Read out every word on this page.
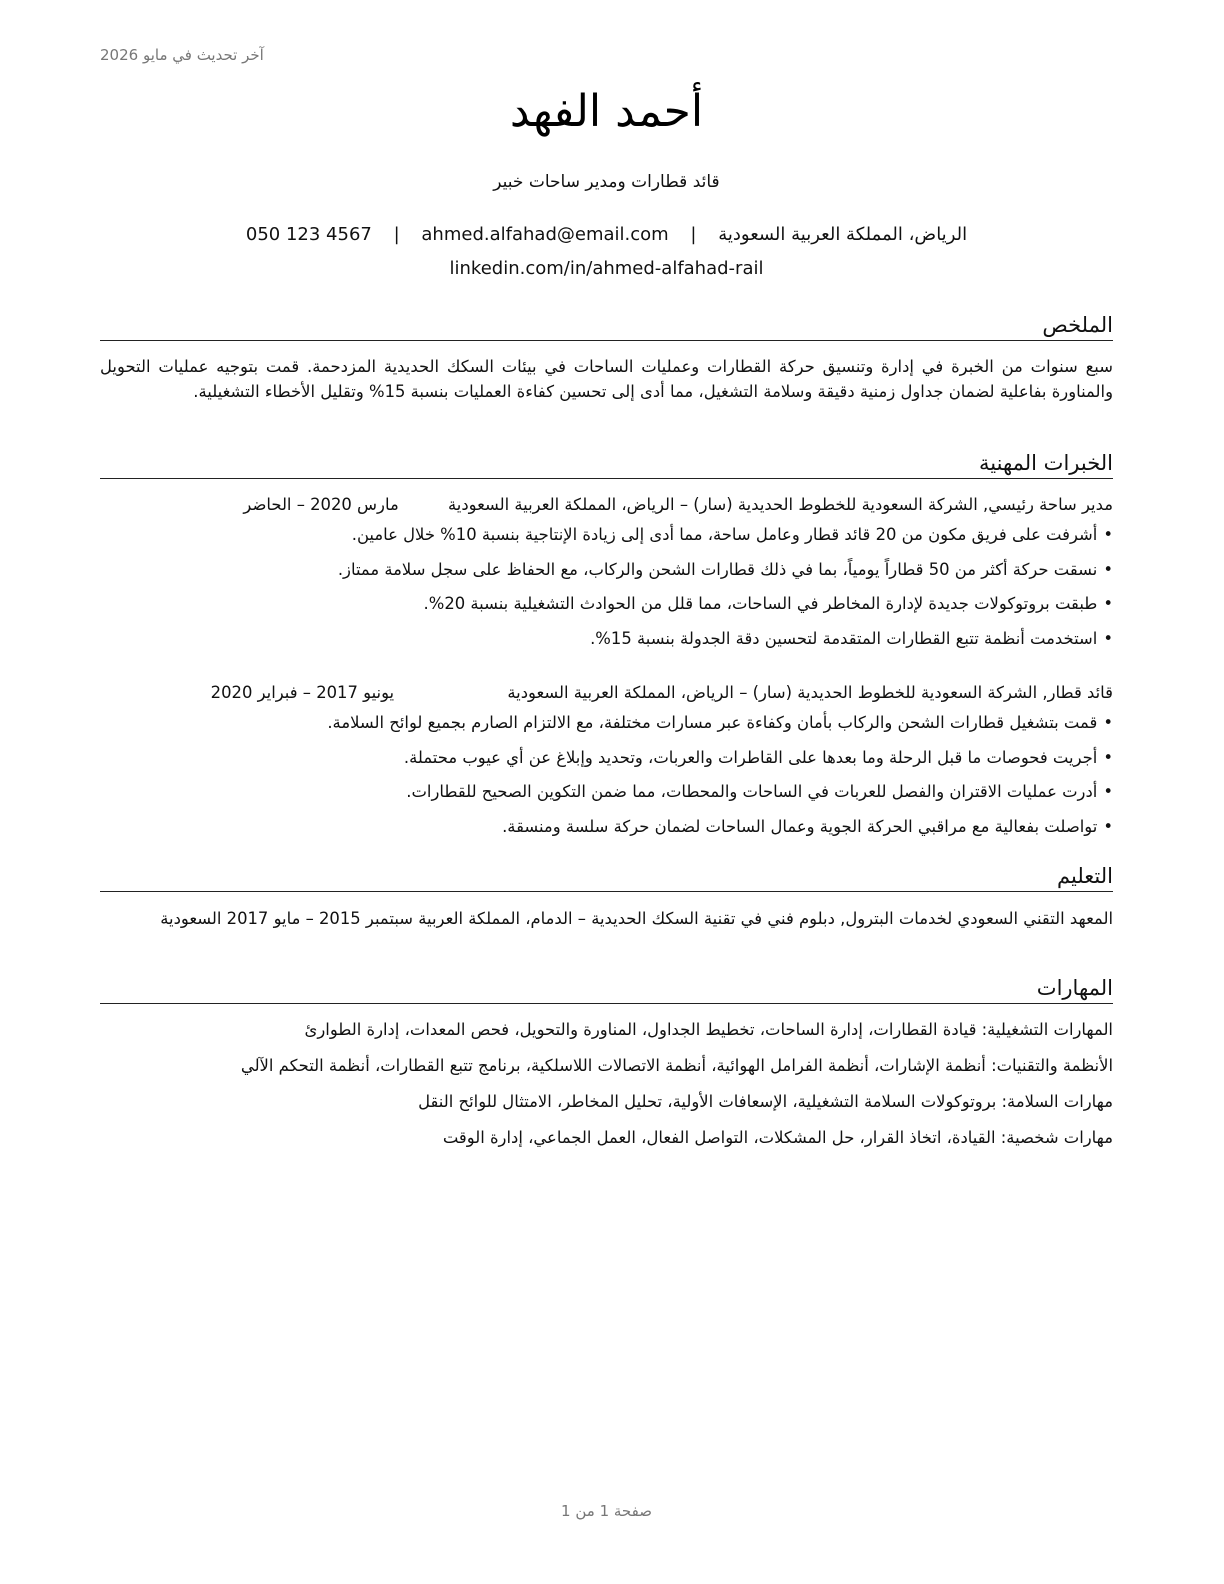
آخر تحديث في مايو 2026
أحمد الفهد
قائد قطارات ومدير ساحات خبير
الرياض، المملكة العربية السعودية | ahmed.alfahad@email.com | 050 123 4567
linkedin.com/in/ahmed-alfahad-rail
الملخص

سبع سنوات من الخبرة في إدارة وتنسيق حركة القطارات وعمليات الساحات في بيئات السكك الحديدية المزدحمة. قمت بتوجيه عمليات التحويل والمناورة بفاعلية لضمان جداول زمنية دقيقة وسلامة التشغيل، مما أدى إلى تحسين كفاءة العمليات بنسبة 15% وتقليل الأخطاء التشغيلية.

الخبرات المهنية
مدير ساحة رئيسي, الشركة السعودية للخطوط الحديدية (سار) – الرياض، المملكة العربية السعودية مارس 2020 – الحاضر
• أشرفت على فريق مكون من 20 قائد قطار وعامل ساحة، مما أدى إلى زيادة الإنتاجية بنسبة 10% خلال عامين.
• نسقت حركة أكثر من 50 قطاراً يومياً، بما في ذلك قطارات الشحن والركاب، مع الحفاظ على سجل سلامة ممتاز.
• طبقت بروتوكولات جديدة لإدارة المخاطر في الساحات، مما قلل من الحوادث التشغيلية بنسبة 20%.
• استخدمت أنظمة تتبع القطارات المتقدمة لتحسين دقة الجدولة بنسبة 15%.
قائد قطار, الشركة السعودية للخطوط الحديدية (سار) – الرياض، المملكة العربية السعودية يونيو 2017 – فبراير 2020
• قمت بتشغيل قطارات الشحن والركاب بأمان وكفاءة عبر مسارات مختلفة، مع الالتزام الصارم بجميع لوائح السلامة.
• أجريت فحوصات ما قبل الرحلة وما بعدها على القاطرات والعربات، وتحديد وإبلاغ عن أي عيوب محتملة.
• أدرت عمليات الاقتران والفصل للعربات في الساحات والمحطات، مما ضمن التكوين الصحيح للقطارات.
• تواصلت بفعالية مع مراقبي الحركة الجوية وعمال الساحات لضمان حركة سلسة ومنسقة.
التعليم

المعهد التقني السعودي لخدمات البترول, دبلوم فني في تقنية السكك الحديدية – الدمام، المملكة العربية سبتمبر 2015 – مايو 2017 السعودية

المهارات
المهارات التشغيلية: قيادة القطارات، إدارة الساحات، تخطيط الجداول، المناورة والتحويل، فحص المعدات، إدارة الطوارئ
الأنظمة والتقنيات: أنظمة الإشارات، أنظمة الفرامل الهوائية، أنظمة الاتصالات اللاسلكية، برنامج تتبع القطارات، أنظمة التحكم الآلي
مهارات السلامة: بروتوكولات السلامة التشغيلية، الإسعافات الأولية، تحليل المخاطر، الامتثال للوائح النقل
مهارات شخصية: القيادة، اتخاذ القرار، حل المشكلات، التواصل الفعال، العمل الجماعي، إدارة الوقت
صفحة 1 من 1
